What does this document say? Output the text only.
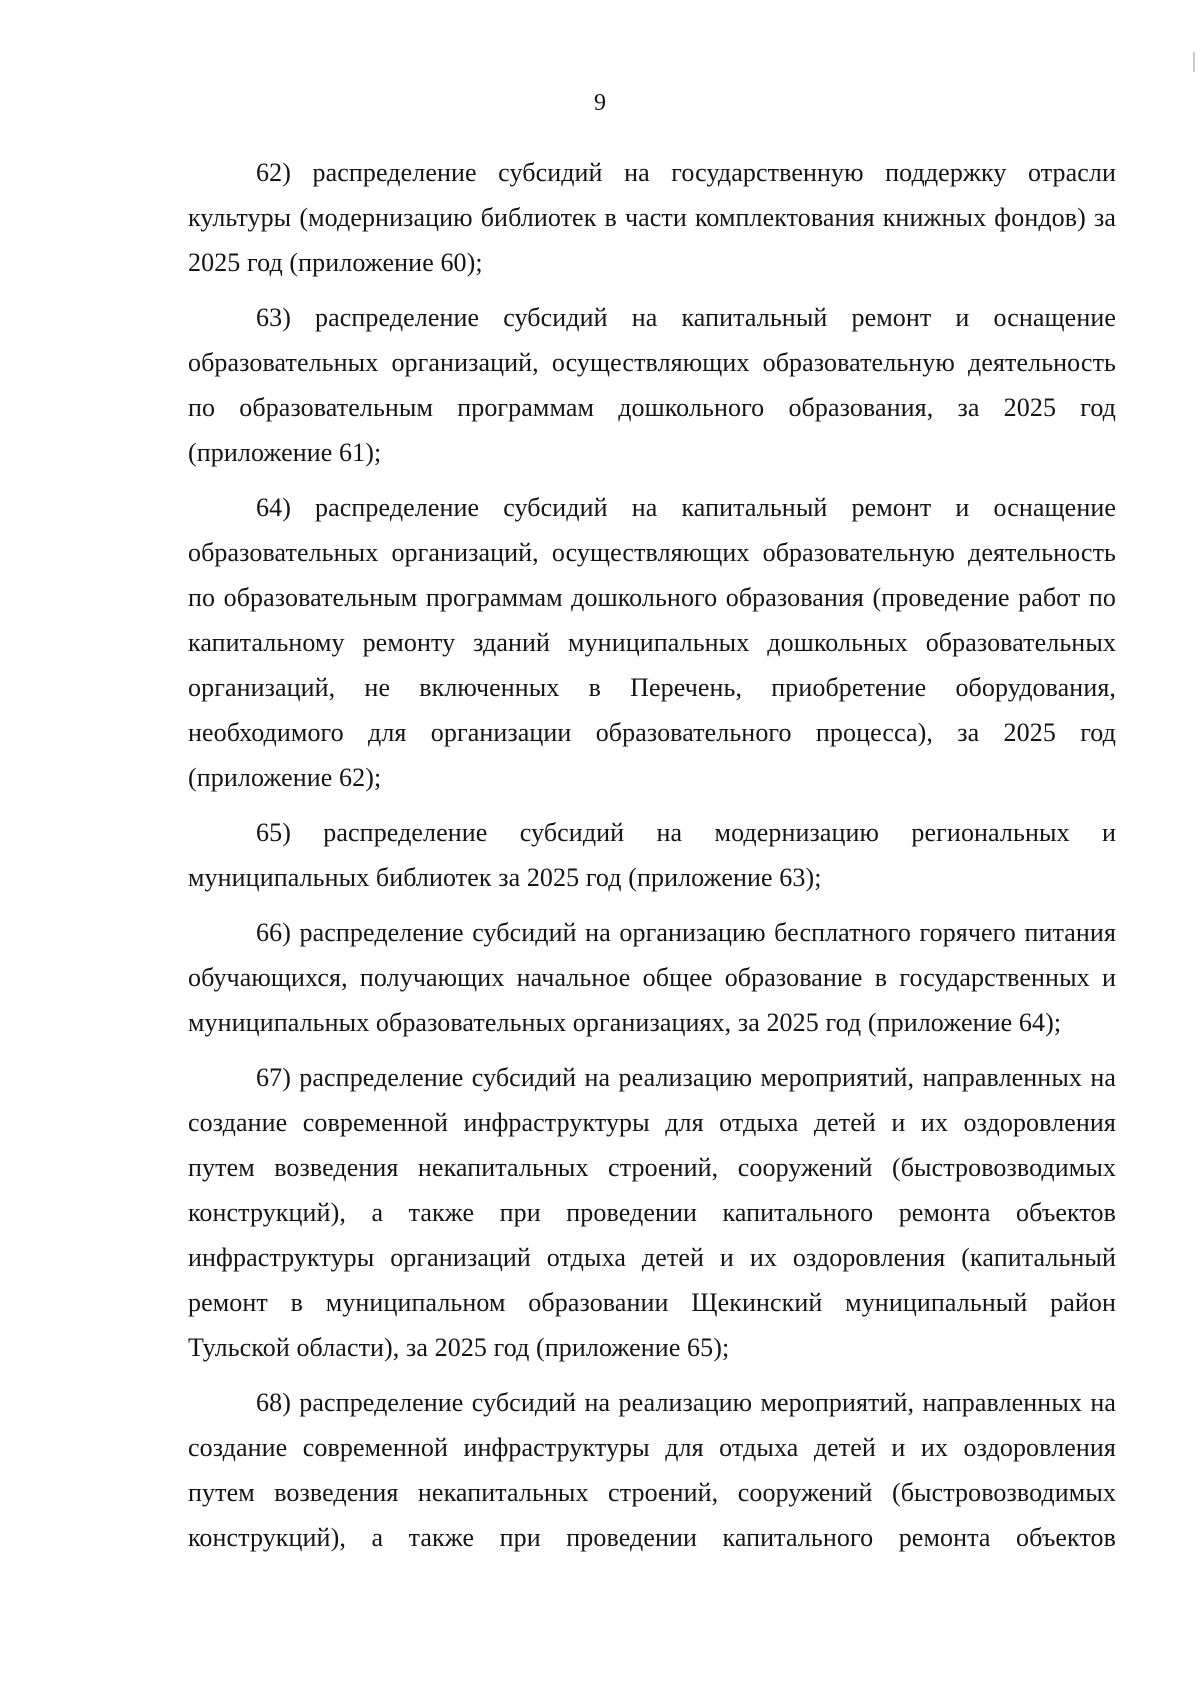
9

62) распределение субсидий на государственную поддержку отрасли культуры (модернизацию библиотек в части комплектования книжных фондов) за 2025 год (приложение 60);

63) распределение субсидий на капитальный ремонт и оснащение образовательных организаций, осуществляющих образовательную деятельность по образовательным программам дошкольного образования, за 2025 год (приложение 61);

64) распределение субсидий на капитальный ремонт и оснащение образовательных организаций, осуществляющих образовательную деятельность по образовательным программам дошкольного образования (проведение работ по капитальному ремонту зданий муниципальных дошкольных образовательных организаций, не включенных в Перечень, приобретение оборудования, необходимого для организации образовательного процесса), за 2025 год (приложение 62);

65) распределение субсидий на модернизацию региональных и муниципальных библиотек за 2025 год (приложение 63);

66) распределение субсидий на организацию бесплатного горячего питания обучающихся, получающих начальное общее образование в государственных и муниципальных образовательных организациях, за 2025 год (приложение 64);

67) распределение субсидий на реализацию мероприятий, направленных на создание современной инфраструктуры для отдыха детей и их оздоровления путем возведения некапитальных строений, сооружений (быстровозводимых конструкций), а также при проведении капитального ремонта объектов инфраструктуры организаций отдыха детей и их оздоровления (капитальный ремонт в муниципальном образовании Щекинский муниципальный район Тульской области), за 2025 год (приложение 65);

68) распределение субсидий на реализацию мероприятий, направленных на создание современной инфраструктуры для отдыха детей и их оздоровления путем возведения некапитальных строений, сооружений (быстровозводимых конструкций), а также при проведении капитального ремонта объектов
